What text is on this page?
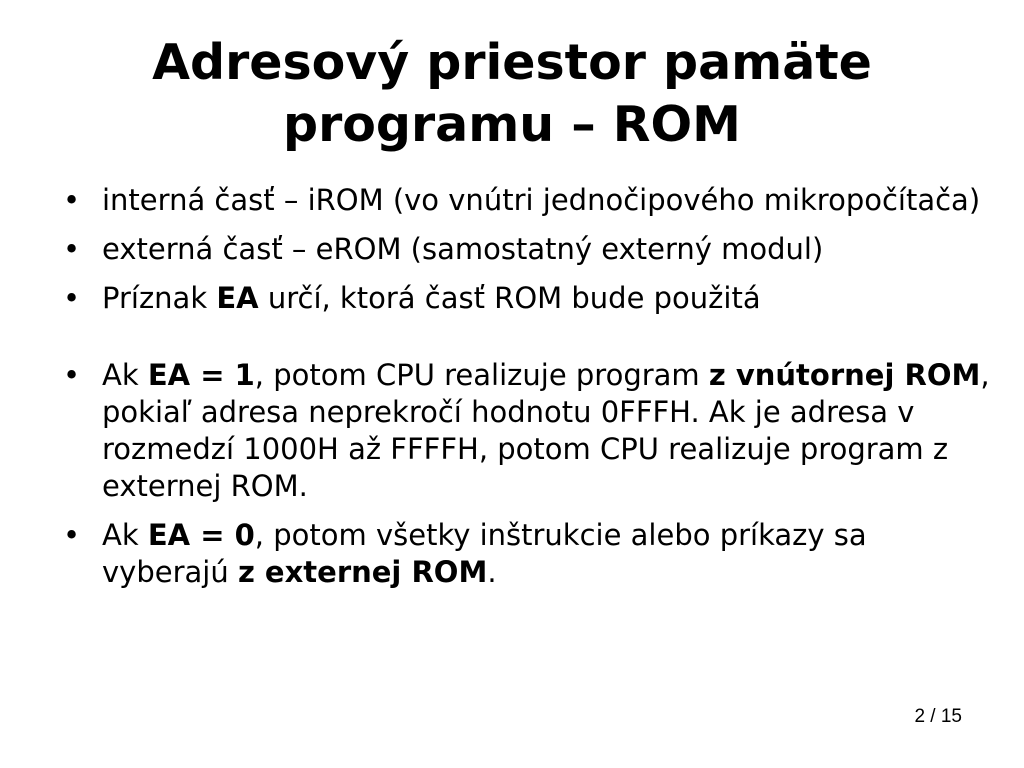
Adresový priestor pamäte
programu – ROM
• interná časť – iROM (vo vnútri jednočipového mikropočítača)
• externá časť – eROM (samostatný externý modul)
• Príznak EA určí, ktorá časť ROM bude použitá
• Ak EA = 1, potom CPU realizuje program z vnútornej ROM, pokiaľ adresa neprekročí hodnotu 0FFFH. Ak je adresa v rozmedzí 1000H až FFFFH, potom CPU realizuje program z externej ROM.
• Ak EA = 0, potom všetky inštrukcie alebo príkazy sa vyberajú z externej ROM.
2 / 15
